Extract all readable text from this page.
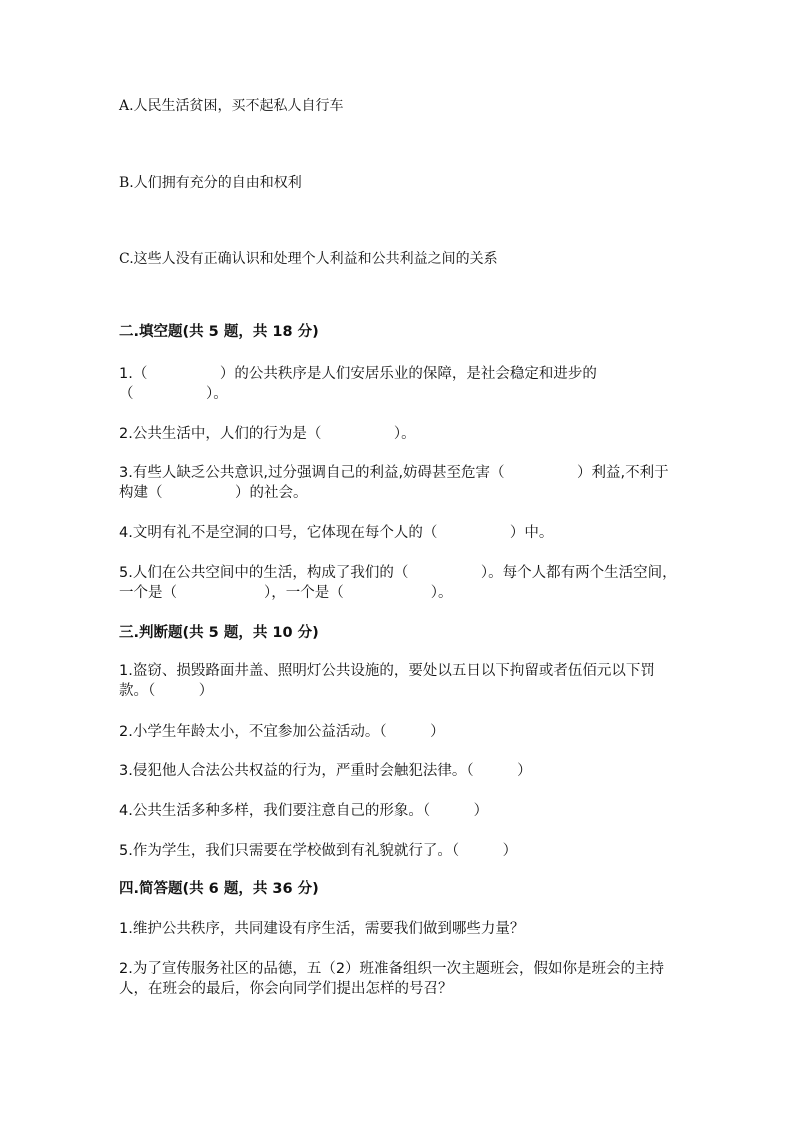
A.人民生活贫困，买不起私人自行车
B.人们拥有充分的自由和权利
C.这些人没有正确认识和处理个人利益和公共利益之间的关系
二.填空题(共 5 题，共 18 分)
1.（　　　　　）的公共秩序是人们安居乐业的保障，是社会稳定和进步的（　　　　　）。
2.公共生活中，人们的行为是（　　　　　）。
3.有些人缺乏公共意识,过分强调自己的利益,妨碍甚至危害（　　　　　）利益,不利于构建（　　　　　）的社会。
4.文明有礼不是空洞的口号，它体现在每个人的（　　　　　）中。
5.人们在公共空间中的生活，构成了我们的（　　　　　）。每个人都有两个生活空间，一个是（　　　　　　），一个是（　　　　　　）。
三.判断题(共 5 题，共 10 分)
1.盗窃、损毁路面井盖、照明灯公共设施的，要处以五日以下拘留或者伍佰元以下罚款。（　　　）
2.小学生年龄太小，不宜参加公益活动。（　　　）
3.侵犯他人合法公共权益的行为，严重时会触犯法律。（　　　）
4.公共生活多种多样，我们要注意自己的形象。（　　　）
5.作为学生，我们只需要在学校做到有礼貌就行了。（　　　）
四.简答题(共 6 题，共 36 分)
1.维护公共秩序，共同建设有序生活，需要我们做到哪些力量？
2.为了宣传服务社区的品德，五（2）班准备组织一次主题班会，假如你是班会的主持人，在班会的最后，你会向同学们提出怎样的号召？
